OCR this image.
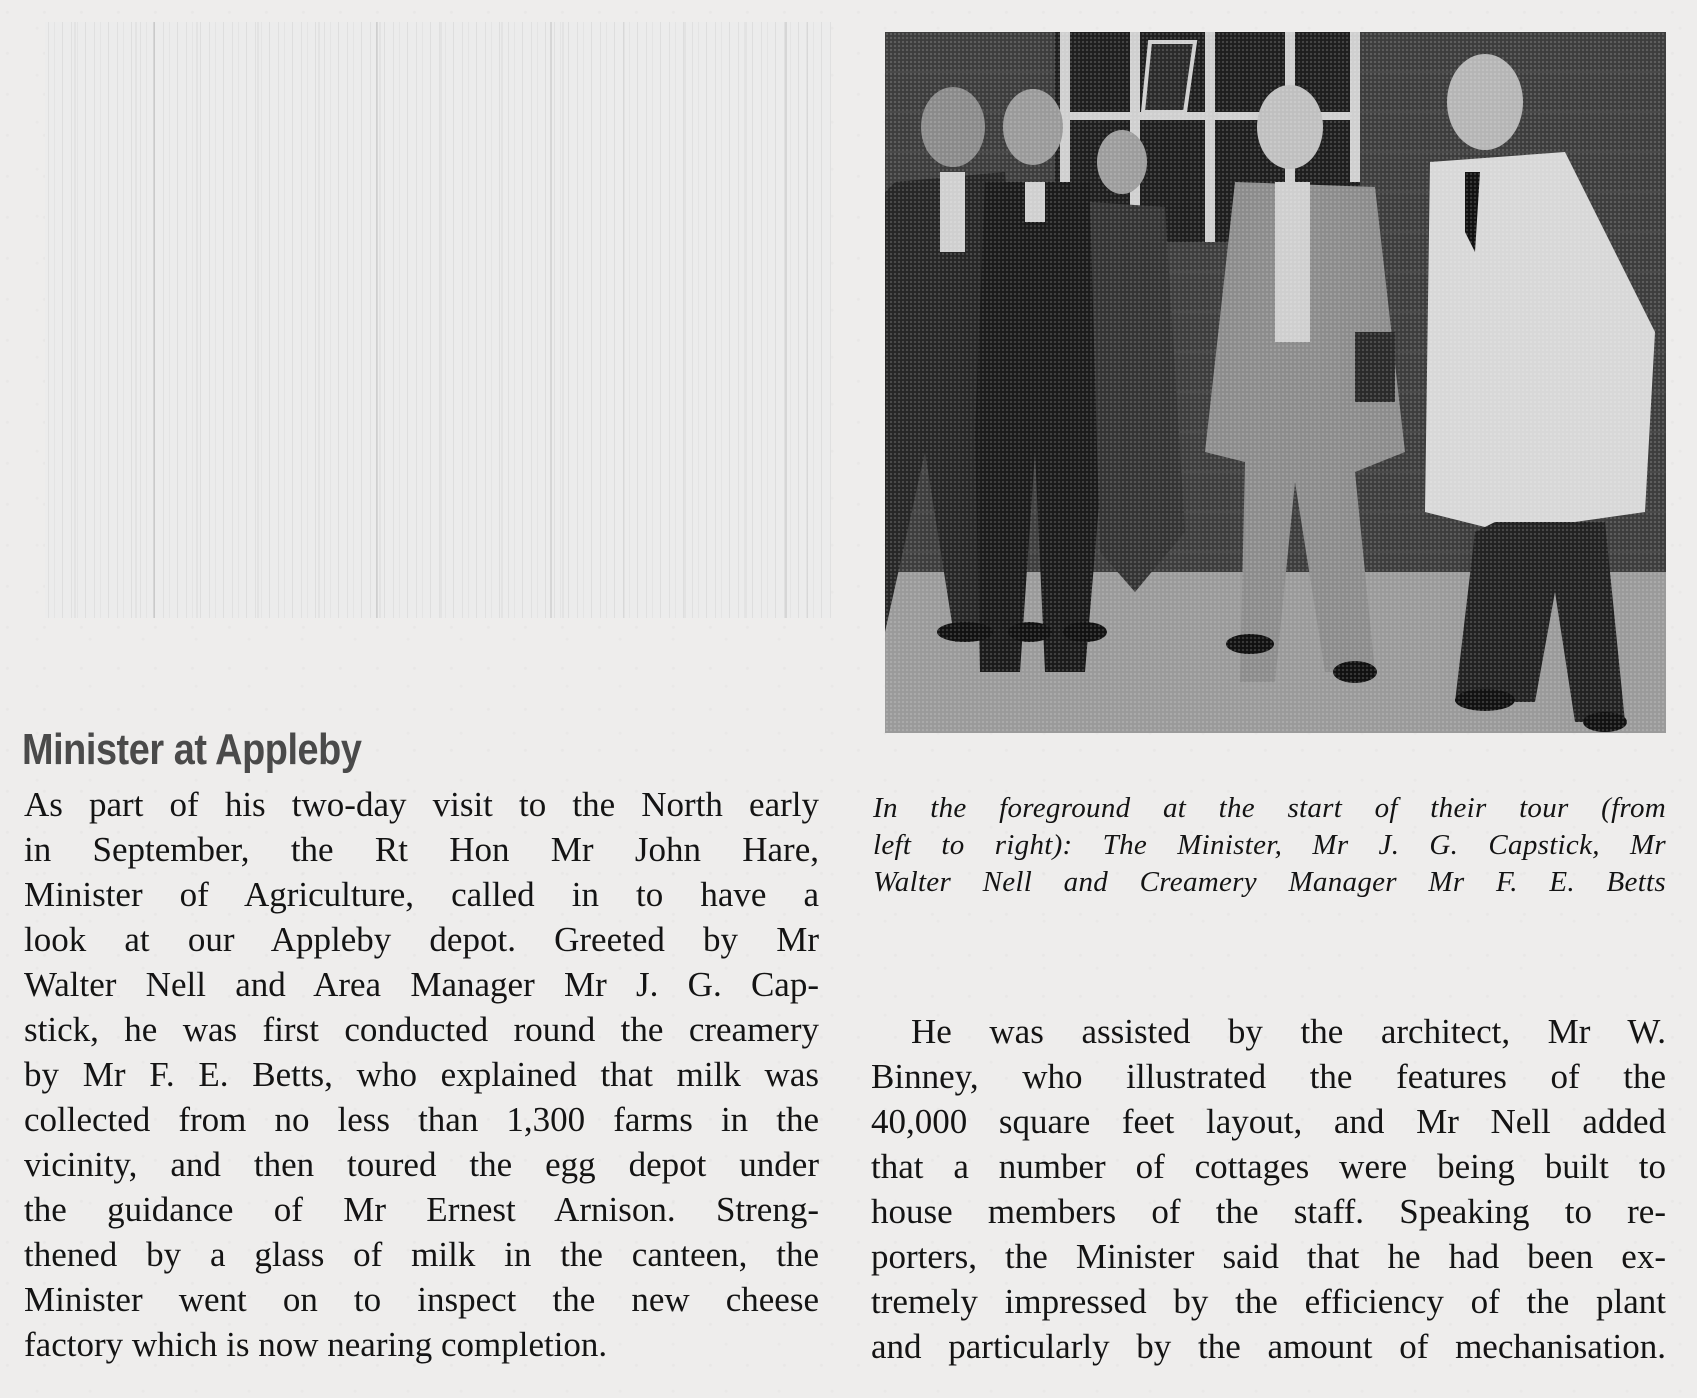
Minister at Appleby
As part of his two-day visit to the North early
in September, the Rt Hon Mr John Hare,
Minister of Agriculture, called in to have a
look at our Appleby depot. Greeted by Mr
Walter Nell and Area Manager Mr J. G. Cap-
stick, he was first conducted round the creamery
by Mr F. E. Betts, who explained that milk was
collected from no less than 1,300 farms in the
vicinity, and then toured the egg depot under
the guidance of Mr Ernest Arnison. Streng-
thened by a glass of milk in the canteen, the
Minister went on to inspect the new cheese
factory which is now nearing completion.
In the foreground at the start of their tour (from
left to right): The Minister, Mr J. G. Capstick, Mr
Walter Nell and Creamery Manager Mr F. E. Betts
He was assisted by the architect, Mr W.
Binney, who illustrated the features of the
40,000 square feet layout, and Mr Nell added
that a number of cottages were being built to
house members of the staff. Speaking to re-
porters, the Minister said that he had been ex-
tremely impressed by the efficiency of the plant
and particularly by the amount of mechanisation.
